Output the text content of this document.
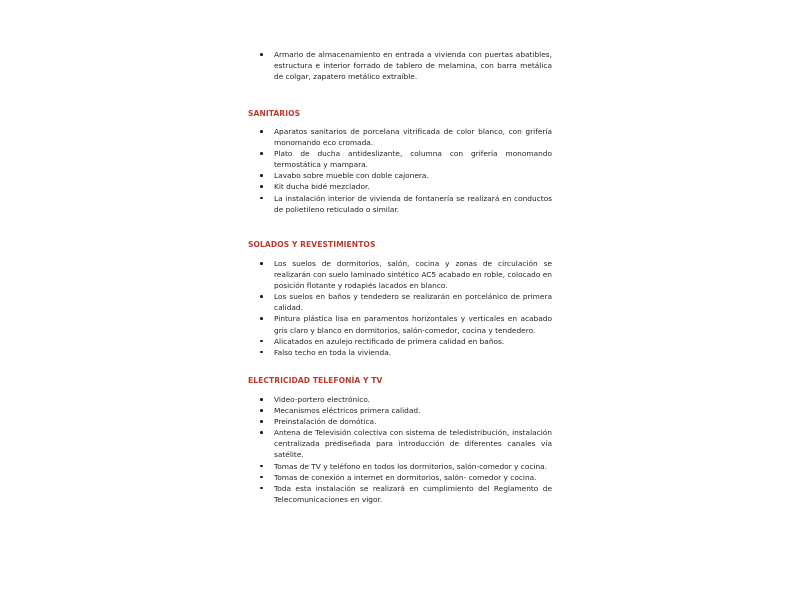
Armario de almacenamiento en entrada a vivienda con puertas abatibles, estructura e interior forrado de tablero de melamina, con barra metálica de colgar, zapatero metálico extraíble.
SANITARIOS
Aparatos sanitarios de porcelana vitrificada de color blanco, con grifería monomando eco cromada.
Plato de ducha antideslizante, columna con grifería monomando termostática y mampara.
Lavabo sobre mueble con doble cajonera.
Kit ducha bidé mezclador.
La instalación interior de vivienda de fontanería se realizará en conductos de polietileno reticulado o similar.
SOLADOS Y REVESTIMIENTOS
Los suelos de dormitorios, salón, cocina y zonas de circulación se realizarán con suelo laminado sintético AC5 acabado en roble, colocado en posición flotante y rodapiés lacados en blanco.
Los suelos en baños y tendedero se realizarán en porcelánico de primera calidad.
Pintura plástica lisa en paramentos horizontales y verticales en acabado gris claro y blanco en dormitorios, salón-comedor, cocina y tendedero.
Alicatados en azulejo rectificado de primera calidad en baños.
Falso techo en toda la vivienda.
ELECTRICIDAD TELEFONÍA Y TV
Video-portero electrónico.
Mecanismos eléctricos primera calidad.
Preinstalación de domótica.
Antena de Televisión colectiva con sistema de teledistribución, instalación centralizada prediseñada para introducción de diferentes canales vía satélite.
Tomas de TV y teléfono en todos los dormitorios, salón-comedor y cocina.
Tomas de conexión a internet en dormitorios, salón- comedor y cocina.
Toda esta instalación se realizará en cumplimiento del Reglamento de Telecomunicaciones en vigor.
